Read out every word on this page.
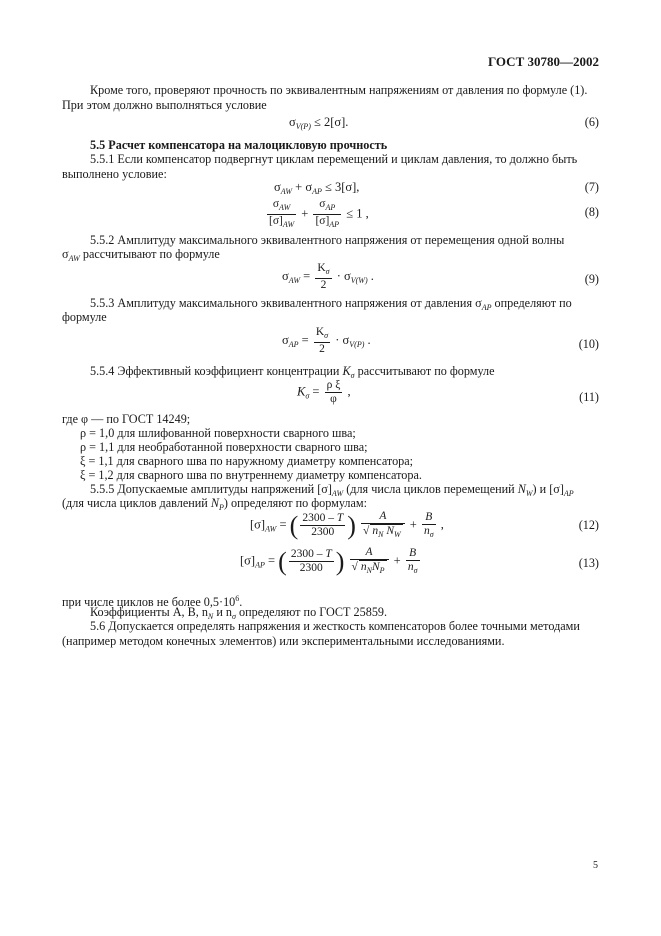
ГОСТ 30780—2002
Кроме того, проверяют прочность по эквивалентным напряжениям от давления по формуле (1). При этом должно выполняться условие
$\sigma_{V(P)} \le 2[\sigma]$.	(6)
5.5 Расчет компенсатора на малоцикловую прочность
5.5.1 Если компенсатор подвергнут циклам перемещений и циклам давления, то должно быть выполнено условие:
$\sigma_{AW} + \sigma_{AP} \le 3[\sigma]$,	(7)
$\frac{\sigma_{AW}}{[\sigma]_{AW}} + \frac{\sigma_{AP}}{[\sigma]_{AP}} \le 1$ ,	(8)
5.5.2 Амплитуду максимального эквивалентного напряжения от перемещения одной волны
$\sigma_{AW}$ рассчитывают по формуле
$\sigma_{AW} = \frac{K_\sigma}{2} \cdot \sigma_{V(W)}$ .	(9)
5.5.3 Амплитуду максимального эквивалентного напряжения от давления $\sigma_{AP}$ определяют по
формуле
$\sigma_{AP} = \frac{K_\sigma}{2} \cdot \sigma_{V(P)}$ .	(10)
5.5.4 Эффективный коэффициент концентрации $K_\sigma$ рассчитывают по формуле
$K_\sigma = \frac{\text{ρ ξ}}{\varphi}$ ,	(11)
где φ — по ГОСТ 14249;
ρ = 1,0 для шлифованной поверхности сварного шва;
ρ = 1,1 для необработанной поверхности сварного шва;
ξ = 1,1 для сварного шва по наружному диаметру компенсатора;
ξ = 1,2 для сварного шва по внутреннему диаметру компенсатора.
5.5.5 Допускаемые амплитуды напряжений $[\sigma]_{AW}$ (для числа циклов перемещений $N_W$) и $[\sigma]_{AP}$
(для числа циклов давлений $N_P$) определяют по формулам:
$[\sigma]_{AW}$ = ( $\frac{2300 - T}{2300}$ ) $\frac{A}{√ n_N N_W} + \frac{B}{n_\sigma}$ ,	(12)
$[\sigma]_{AP}$ = ( $\frac{2300 - T}{2300}$ ) $\frac{A}{√ n_NN_P} + \frac{B}{n_\sigma}$	(13)
при числе циклов не более $0,5\cdot 10^6$.
Коэффициенты A, B, $n_N$ и $n_\sigma$ определяют по ГОСТ 25859.
5.6 Допускается определять напряжения и жесткость компенсаторов более точными методами (например методом конечных элементов) или экспериментальными исследованиями.
5
